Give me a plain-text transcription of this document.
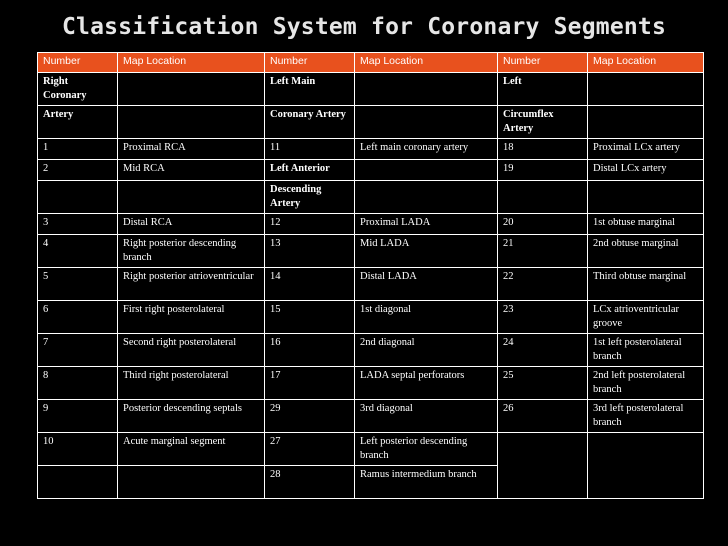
Classification System for Coronary Segments
Number	Map Location	Number	Map Location	Number	Map Location
Right Coronary		Left Main		Left	
Artery		Coronary Artery		Circumflex Artery	
1	Proximal RCA	11	Left main coronary artery	18	Proximal LCx artery
2	Mid RCA	Left Anterior		19	Distal LCx artery
		Descending Artery			
3	Distal RCA	12	Proximal LADA	20	1st obtuse marginal
4	Right posterior descending branch	13	Mid LADA	21	2nd obtuse marginal
5	Right posterior atrioventricular	14	Distal LADA	22	Third obtuse marginal
6	First right posterolateral	15	1st diagonal	23	LCx atrioventricular groove
7	Second right posterolateral	16	2nd diagonal	24	1st left posterolateral branch
8	Third right posterolateral	17	LADA septal perforators	25	2nd left posterolateral branch
9	Posterior descending septals	29	3rd diagonal	26	3rd left posterolateral branch
10	Acute marginal segment	27	Left posterior descending branch		
		28	Ramus intermedium branch		
